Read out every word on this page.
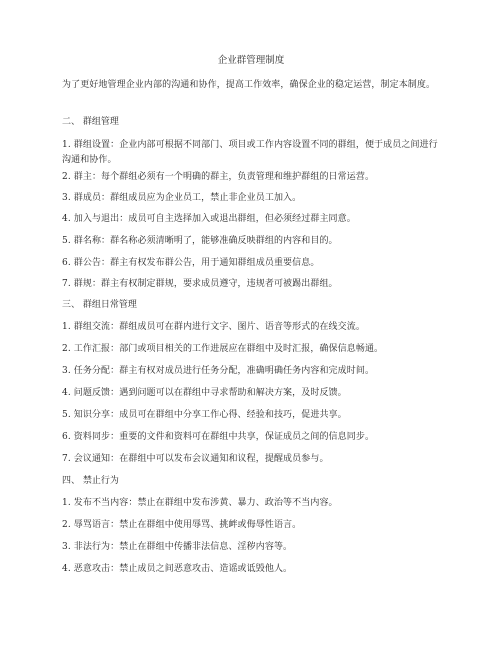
企业群管理制度
为了更好地管理企业内部的沟通和协作，提高工作效率，确保企业的稳定运营，制定本制度。
二、 群组管理
1. 群组设置：企业内部可根据不同部门、项目或工作内容设置不同的群组，便于成员之间进行沟通和协作。
2. 群主：每个群组必须有一个明确的群主，负责管理和维护群组的日常运营。
3. 群成员：群组成员应为企业员工，禁止非企业员工加入。
4. 加入与退出：成员可自主选择加入或退出群组，但必须经过群主同意。
5. 群名称：群名称必须清晰明了，能够准确反映群组的内容和目的。
6. 群公告：群主有权发布群公告，用于通知群组成员重要信息。
7. 群规：群主有权制定群规，要求成员遵守，违规者可被踢出群组。
三、 群组日常管理
1. 群组交流：群组成员可在群内进行文字、图片、语音等形式的在线交流。
2. 工作汇报：部门或项目相关的工作进展应在群组中及时汇报，确保信息畅通。
3. 任务分配：群主有权对成员进行任务分配，准确明确任务内容和完成时间。
4. 问题反馈：遇到问题可以在群组中寻求帮助和解决方案，及时反馈。
5. 知识分享：成员可在群组中分享工作心得、经验和技巧，促进共享。
6. 资料同步：重要的文件和资料可在群组中共享，保证成员之间的信息同步。
7. 会议通知：在群组中可以发布会议通知和议程，提醒成员参与。
四、 禁止行为
1. 发布不当内容：禁止在群组中发布涉黄、暴力、政治等不当内容。
2. 辱骂语言：禁止在群组中使用辱骂、挑衅或侮辱性语言。
3. 非法行为：禁止在群组中传播非法信息、淫秽内容等。
4. 恶意攻击：禁止成员之间恶意攻击、造谣或诋毁他人。
